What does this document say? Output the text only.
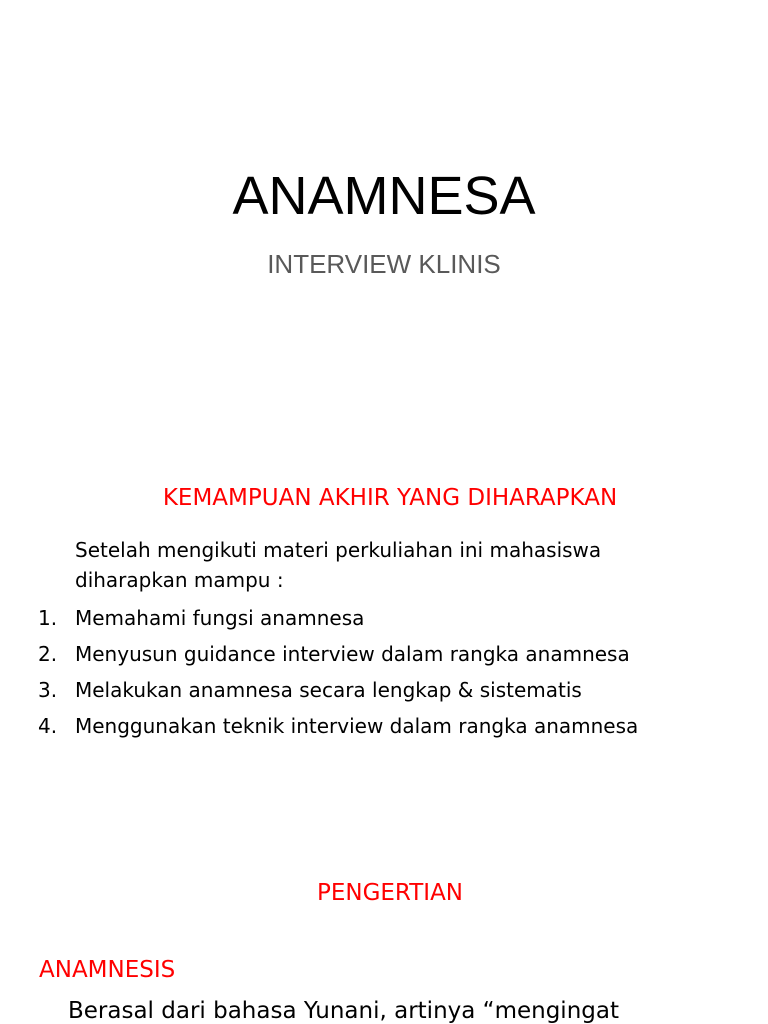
ANAMNESA
INTERVIEW KLINIS
KEMAMPUAN AKHIR YANG DIHARAPKAN
Setelah mengikuti materi perkuliahan ini mahasiswa diharapkan mampu :
1. Memahami fungsi anamnesa
2. Menyusun guidance interview dalam rangka anamnesa
3. Melakukan anamnesa secara lengkap & sistematis
4. Menggunakan teknik interview dalam rangka anamnesa
PENGERTIAN
ANAMNESIS
Berasal dari bahasa Yunani, artinya “mengingat
